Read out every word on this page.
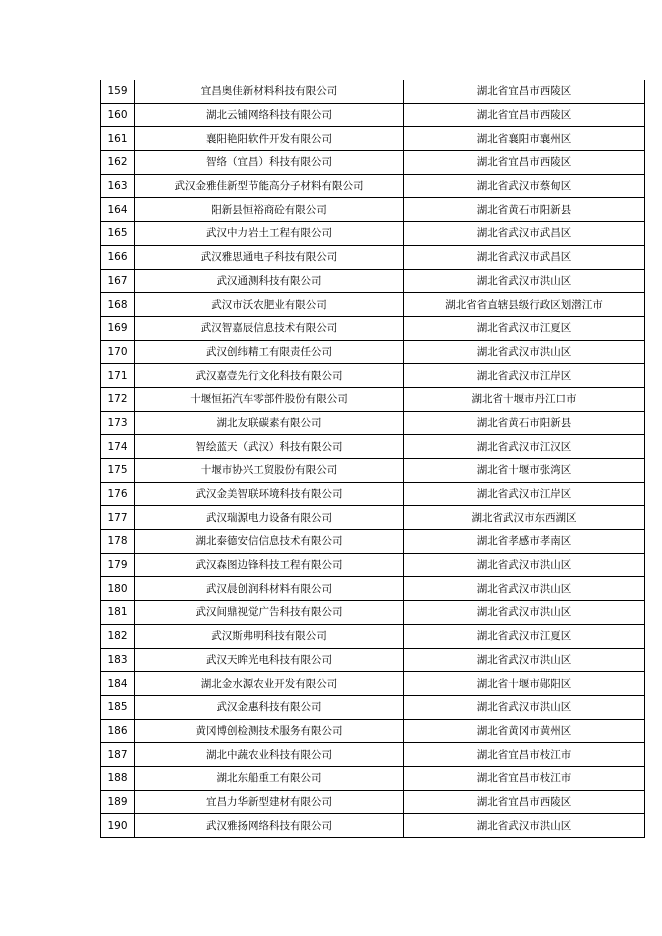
159	宜昌奥佳新材料科技有限公司	湖北省宜昌市西陵区
160	湖北云铺网络科技有限公司	湖北省宜昌市西陵区
161	襄阳艳阳软件开发有限公司	湖北省襄阳市襄州区
162	智络（宜昌）科技有限公司	湖北省宜昌市西陵区
163	武汉金雅佳新型节能高分子材料有限公司	湖北省武汉市蔡甸区
164	阳新县恒裕商砼有限公司	湖北省黄石市阳新县
165	武汉中力岩土工程有限公司	湖北省武汉市武昌区
166	武汉雅思通电子科技有限公司	湖北省武汉市武昌区
167	武汉通测科技有限公司	湖北省武汉市洪山区
168	武汉市沃农肥业有限公司	湖北省省直辖县级行政区划潜江市
169	武汉智嘉辰信息技术有限公司	湖北省武汉市江夏区
170	武汉创纬精工有限责任公司	湖北省武汉市洪山区
171	武汉嘉壹先行文化科技有限公司	湖北省武汉市江岸区
172	十堰恒拓汽车零部件股份有限公司	湖北省十堰市丹江口市
173	湖北友联碳素有限公司	湖北省黄石市阳新县
174	智绘蓝天（武汉）科技有限公司	湖北省武汉市江汉区
175	十堰市协兴工贸股份有限公司	湖北省十堰市张湾区
176	武汉金美智联环境科技有限公司	湖北省武汉市江岸区
177	武汉瑞源电力设备有限公司	湖北省武汉市东西湖区
178	湖北泰德安信信息技术有限公司	湖北省孝感市孝南区
179	武汉森图边锋科技工程有限公司	湖北省武汉市洪山区
180	武汉晨创润科材料有限公司	湖北省武汉市洪山区
181	武汉间鼎视觉广告科技有限公司	湖北省武汉市洪山区
182	武汉斯弗明科技有限公司	湖北省武汉市江夏区
183	武汉天眸光电科技有限公司	湖北省武汉市洪山区
184	湖北金水源农业开发有限公司	湖北省十堰市郧阳区
185	武汉金惠科技有限公司	湖北省武汉市洪山区
186	黄冈博创检测技术服务有限公司	湖北省黄冈市黄州区
187	湖北中蔬农业科技有限公司	湖北省宜昌市枝江市
188	湖北东船重工有限公司	湖北省宜昌市枝江市
189	宜昌力华新型建材有限公司	湖北省宜昌市西陵区
190	武汉雅扬网络科技有限公司	湖北省武汉市洪山区
